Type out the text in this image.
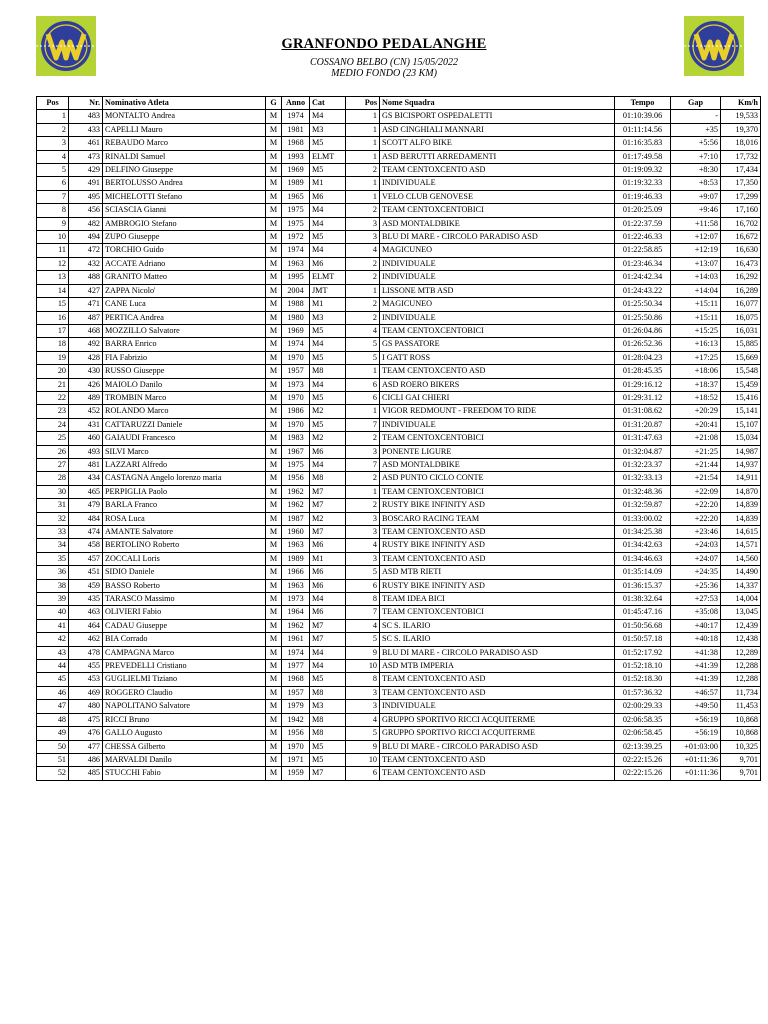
GRANFONDO PEDALANGHE
COSSANO BELBO (CN) 15/05/2022
MEDIO FONDO (23 KM)
Pos	Nr.	Nominativo Atleta	G	Anno	Cat	Pos	Nome Squadra	Tempo	Gap	Km/h
1	483	MONTALTO Andrea	M	1974	M4	1	GS BICISPORT OSPEDALETTI	01:10:39.06	-	19,533
2	433	CAPELLI Mauro	M	1981	M3	1	ASD CINGHIALI MANNARI	01:11:14.56	+35	19,370
3	461	REBAUDO Marco	M	1968	M5	1	SCOTT ALFO BIKE	01:16:35.83	+5:56	18,016
4	473	RINALDI Samuel	M	1993	ELMT	1	ASD BERUTTI ARREDAMENTI	01:17:49.58	+7:10	17,732
5	429	DELFINO Giuseppe	M	1969	M5	2	TEAM CENTOXCENTO ASD	01:19:09.32	+8:30	17,434
6	491	BERTOLUSSO Andrea	M	1989	M1	1	INDIVIDUALE	01:19:32.33	+8:53	17,350
7	495	MICHELOTTI Stefano	M	1965	M6	1	VELO CLUB GENOVESE	01:19:46.33	+9:07	17,299
8	456	SCIASCIA Gianni	M	1975	M4	2	TEAM CENTOXCENTOBICI	01:20:25.09	+9:46	17,160
9	482	AMBROGIO Stefano	M	1975	M4	3	ASD MONTALDBIKE	01:22:37.59	+11:58	16,702
10	494	ZUPO Giuseppe	M	1972	M5	3	BLU DI MARE - CIRCOLO PARADISO ASD	01:22:46.33	+12:07	16,672
11	472	TORCHIO Guido	M	1974	M4	4	MAGICUNEO	01:22:58.85	+12:19	16,630
12	432	ACCATE Adriano	M	1963	M6	2	INDIVIDUALE	01:23:46.34	+13:07	16,473
13	488	GRANITO Matteo	M	1995	ELMT	2	INDIVIDUALE	01:24:42.34	+14:03	16,292
14	427	ZAPPA Nicolo'	M	2004	JMT	1	LISSONE MTB ASD	01:24:43.22	+14:04	16,289
15	471	CANE Luca	M	1988	M1	2	MAGICUNEO	01:25:50.34	+15:11	16,077
16	487	PERTICA Andrea	M	1980	M3	2	INDIVIDUALE	01:25:50.86	+15:11	16,075
17	468	MOZZILLO Salvatore	M	1969	M5	4	TEAM CENTOXCENTOBICI	01:26:04.86	+15:25	16,031
18	492	BARRA Enrico	M	1974	M4	5	GS PASSATORE	01:26:52.36	+16:13	15,885
19	428	FIA Fabrizio	M	1970	M5	5	I GATT ROSS	01:28:04.23	+17:25	15,669
20	430	RUSSO Giuseppe	M	1957	M8	1	TEAM CENTOXCENTO ASD	01:28:45.35	+18:06	15,548
21	426	MAIOLO Danilo	M	1973	M4	6	ASD ROERO BIKERS	01:29:16.12	+18:37	15,459
22	489	TROMBIN Marco	M	1970	M5	6	CICLI GAI CHIERI	01:29:31.12	+18:52	15,416
23	452	ROLANDO Marco	M	1986	M2	1	VIGOR REDMOUNT - FREEDOM TO RIDE	01:31:08.62	+20:29	15,141
24	431	CATTARUZZI Daniele	M	1970	M5	7	INDIVIDUALE	01:31:20.87	+20:41	15,107
25	460	GAIAUDI Francesco	M	1983	M2	2	TEAM CENTOXCENTOBICI	01:31:47.63	+21:08	15,034
26	493	SILVI Marco	M	1967	M6	3	PONENTE LIGURE	01:32:04.87	+21:25	14,987
27	481	LAZZARI Alfredo	M	1975	M4	7	ASD MONTALDBIKE	01:32:23.37	+21:44	14,937
28	434	CASTAGNA Angelo lorenzo maria	M	1956	M8	2	ASD PUNTO CICLO CONTE	01:32:33.13	+21:54	14,911
30	465	PERPIGLIA Paolo	M	1962	M7	1	TEAM CENTOXCENTOBICI	01:32:48.36	+22:09	14,870
31	479	BARLA Franco	M	1962	M7	2	RUSTY BIKE INFINITY ASD	01:32:59.87	+22:20	14,839
32	484	ROSA Luca	M	1987	M2	3	BOSCARO RACING TEAM	01:33:00.02	+22:20	14,839
33	474	AMANTE Salvatore	M	1960	M7	3	TEAM CENTOXCENTO ASD	01:34:25.38	+23:46	14,615
34	458	BERTOLINO Roberto	M	1963	M6	4	RUSTY BIKE INFINITY ASD	01:34:42.63	+24:03	14,571
35	457	ZOCCALI Loris	M	1989	M1	3	TEAM CENTOXCENTO ASD	01:34:46.63	+24:07	14,560
36	451	SIDIO Daniele	M	1966	M6	5	ASD MTB RIETI	01:35:14.09	+24:35	14,490
38	459	BASSO Roberto	M	1963	M6	6	RUSTY BIKE INFINITY ASD	01:36:15.37	+25:36	14,337
39	435	TARASCO Massimo	M	1973	M4	8	TEAM IDEA BICI	01:38:32.64	+27:53	14,004
40	463	OLIVIERI Fabio	M	1964	M6	7	TEAM CENTOXCENTOBICI	01:45:47.16	+35:08	13,045
41	464	CADAU Giuseppe	M	1962	M7	4	SC S. ILARIO	01:50:56.68	+40:17	12,439
42	462	BIA Corrado	M	1961	M7	5	SC S. ILARIO	01:50:57.18	+40:18	12,438
43	478	CAMPAGNA Marco	M	1974	M4	9	BLU DI MARE - CIRCOLO PARADISO ASD	01:52:17.92	+41:38	12,289
44	455	PREVEDELLI Cristiano	M	1977	M4	10	ASD MTB IMPERIA	01:52:18.10	+41:39	12,288
45	453	GUGLIELMI Tiziano	M	1968	M5	8	TEAM CENTOXCENTO ASD	01:52:18.30	+41:39	12,288
46	469	ROGGERO Claudio	M	1957	M8	3	TEAM CENTOXCENTO ASD	01:57:36.32	+46:57	11,734
47	480	NAPOLITANO Salvatore	M	1979	M3	3	INDIVIDUALE	02:00:29.33	+49:50	11,453
48	475	RICCI Bruno	M	1942	M8	4	GRUPPO SPORTIVO RICCI ACQUITERME	02:06:58.35	+56:19	10,868
49	476	GALLO Augusto	M	1956	M8	5	GRUPPO SPORTIVO RICCI ACQUITERME	02:06:58.45	+56:19	10,868
50	477	CHESSA Gilberto	M	1970	M5	9	BLU DI MARE - CIRCOLO PARADISO ASD	02:13:39.25	+01:03:00	10,325
51	486	MARVALDI Danilo	M	1971	M5	10	TEAM CENTOXCENTO ASD	02:22:15.26	+01:11:36	9,701
52	485	STUCCHI Fabio	M	1959	M7	6	TEAM CENTOXCENTO ASD	02:22:15.26	+01:11:36	9,701
